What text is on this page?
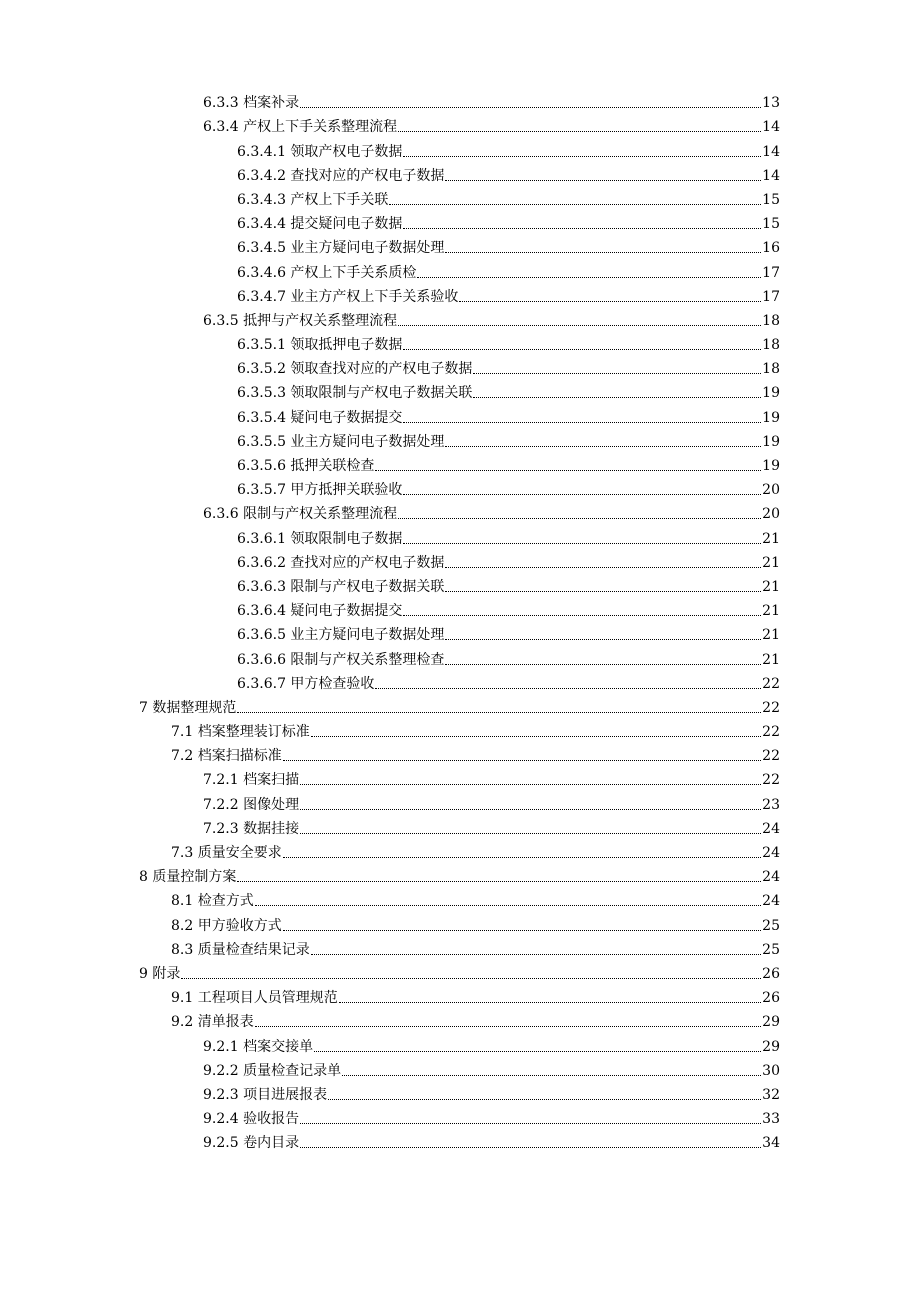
6.3.3 档案补录	13
6.3.4 产权上下手关系整理流程	14
6.3.4.1 领取产权电子数据	14
6.3.4.2 查找对应的产权电子数据	14
6.3.4.3 产权上下手关联	15
6.3.4.4 提交疑问电子数据	15
6.3.4.5 业主方疑问电子数据处理	16
6.3.4.6 产权上下手关系质检	17
6.3.4.7 业主方产权上下手关系验收	17
6.3.5 抵押与产权关系整理流程	18
6.3.5.1 领取抵押电子数据	18
6.3.5.2 领取查找对应的产权电子数据	18
6.3.5.3 领取限制与产权电子数据关联	19
6.3.5.4 疑问电子数据提交	19
6.3.5.5 业主方疑问电子数据处理	19
6.3.5.6 抵押关联检查	19
6.3.5.7 甲方抵押关联验收	20
6.3.6 限制与产权关系整理流程	20
6.3.6.1 领取限制电子数据	21
6.3.6.2 查找对应的产权电子数据	21
6.3.6.3 限制与产权电子数据关联	21
6.3.6.4 疑问电子数据提交	21
6.3.6.5 业主方疑问电子数据处理	21
6.3.6.6 限制与产权关系整理检查	21
6.3.6.7 甲方检查验收	22
7 数据整理规范	22
7.1 档案整理装订标准	22
7.2 档案扫描标准	22
7.2.1 档案扫描	22
7.2.2 图像处理	23
7.2.3 数据挂接	24
7.3 质量安全要求	24
8 质量控制方案	24
8.1 检查方式	24
8.2 甲方验收方式	25
8.3 质量检查结果记录	25
9 附录	26
9.1 工程项目人员管理规范	26
9.2 清单报表	29
9.2.1 档案交接单	29
9.2.2 质量检查记录单	30
9.2.3 项目进展报表	32
9.2.4 验收报告	33
9.2.5 卷内目录	34
